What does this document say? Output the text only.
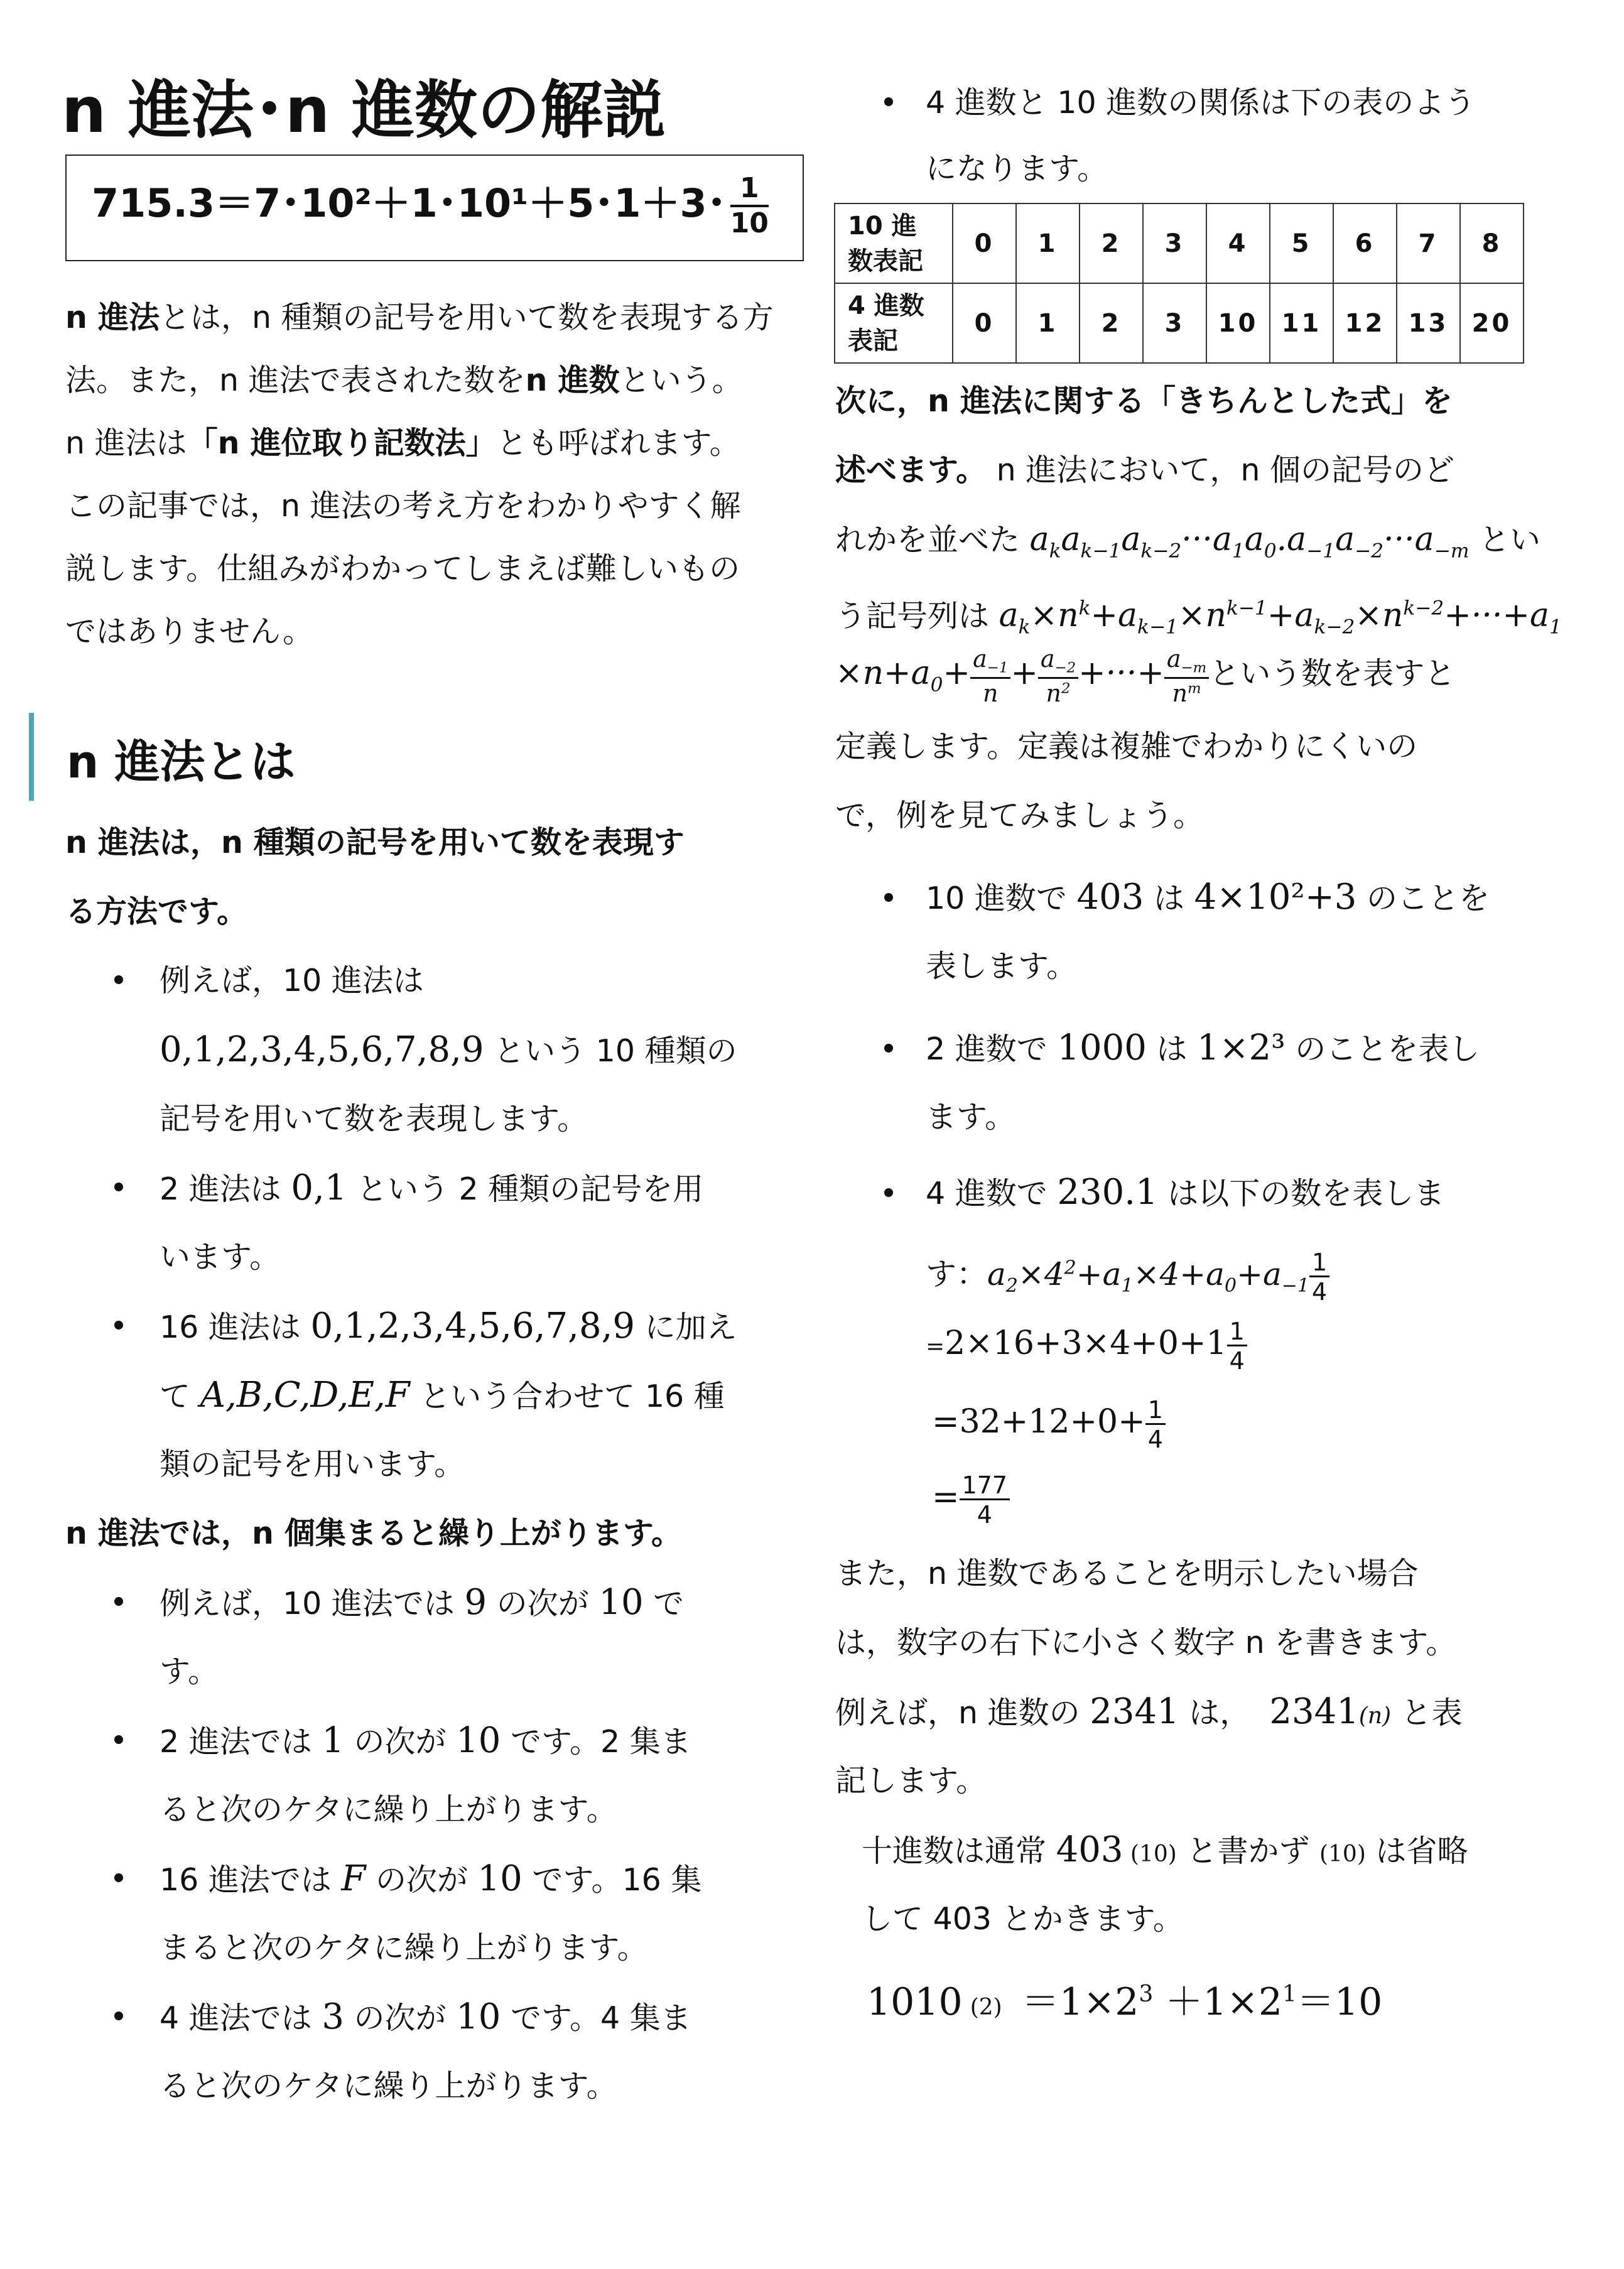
n 進法･n 進数の解説
715.3＝7･10²＋1･10¹＋5･1＋3･ $\frac{1}{10}$

n 進法とは，n 種類の記号を用いて数を表現する方

法。また，n 進法で表された数をn 進数という。

n 進法は「n 進位取り記数法」とも呼ばれます。

この記事では，n 進法の考え方をわかりやすく解

説します。仕組みがわかってしまえば難しいもの

ではありません。

n 進法とは

n 進法は，n 種類の記号を用いて数を表現す

る方法です。

例えば，10 進法は

0,1,2,3,4,5,6,7,8,9 という 10 種類の

記号を用いて数を表現します。

2 進法は 0,1 という 2 種類の記号を用

います。

16 進法は 0,1,2,3,4,5,6,7,8,9 に加え

て A,B,C,D,E,F という合わせて 16 種

類の記号を用います。

n 進法では，n 個集まると繰り上がります。

例えば，10 進法では 9 の次が 10 で

す。

2 進法では 1 の次が 10 です。2 集ま

ると次のケタに繰り上がります。

16 進法では F の次が 10 です。16 集

まると次のケタに繰り上がります。

4 進法では 3 の次が 10 です。4 集ま

ると次のケタに繰り上がります。

4 進数と 10 進数の関係は下の表のよう

になります。

10 進
数表記	0	1	2	3	4	5	6	7	8
4 進数
表記	0	1	2	3	10	11	12	13	20

次に，n 進法に関する「きちんとした式」を

述べます。 n 進法において，n 個の記号のど

れかを並べた $a_ka_{k-1}a_{k-2}\cdot\cdot\cdot a_1a_0.a_{-1}a_{-2}\cdot\cdot\cdot a_{-m}$ とい

う記号列は $a_k\times n^k+a_{k-1}\times n^{k-1}+a_{k-2}\times n^{k-2}+\cdot\cdot\cdot+a_1$

$\times n+a_0+ \frac{a_{-1}}{n} + \frac{a_{-2}}{n^2}$ +···+ $\frac{a_{-m}}{n^m}$ という数を表すと

定義します。定義は複雑でわかりにくいの

で，例を見てみましょう。

10 進数で 403 は 4×10²+3 のことを

表します。

2 進数で 1000 は 1×2³ のことを表し

ます。

4 進数で 230.1 は以下の数を表しま

す：$a_2\times 4^2+a_1\times 4+a_0+a_{-1} \frac{1}{4}$

$=2\times 16+3\times 4+0+1 \frac{1}{4}$

$=32+12+0+ \frac{1}{4}$

= $\frac{177}{4}$

また，n 進数であることを明示したい場合

は，数字の右下に小さく数字 n を書きます。

例えば，n 進数の 2341 は， 2341(n) と表

記します。

十進数は通常 403 (10) と書かず (10) は省略

して 403 とかきます。

1010 $(2) =1\times 2^3 +1\times 2^1=10$
